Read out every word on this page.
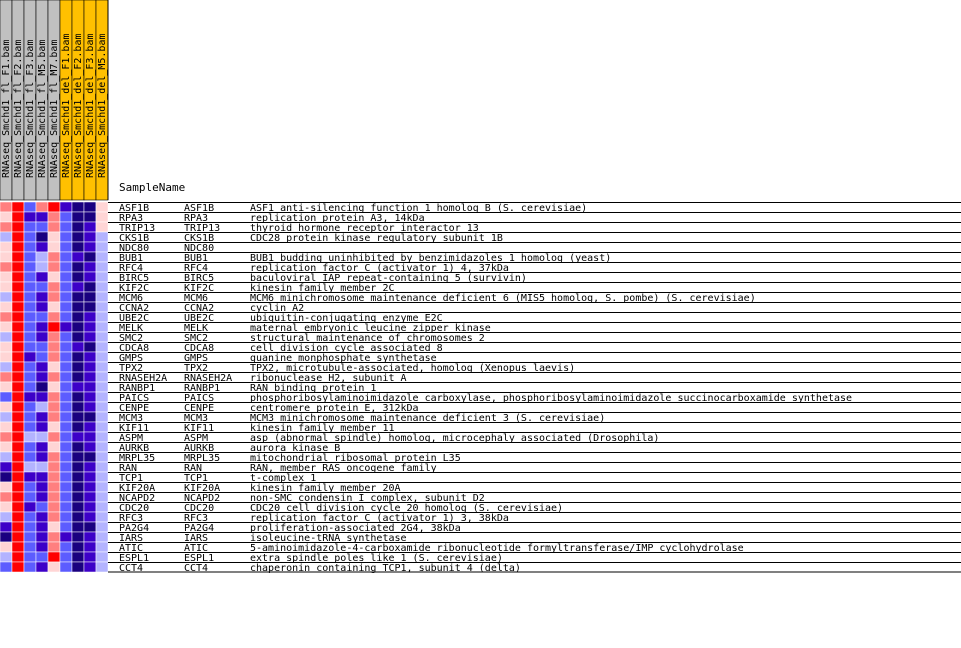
RNAseq_Smchd1_fl_F1.bam RNAseq_Smchd1_fl_F2.bam RNAseq_Smchd1_fl_F3.bam RNAseq_Smchd1_fl_M5.bam RNAseq_Smchd1_fl_M7.bam RNAseq_Smchd1_del_F1.bam RNAseq_Smchd1_del_F2.bam RNAseq_Smchd1_del_F3.bam RNAseq_Smchd1_del_M5.bam
SampleName
ASF1B	ASF1B	ASF1 anti-silencing function 1 homolog B (S. cerevisiae)
RPA3	RPA3	replication protein A3, 14kDa
TRIP13	TRIP13	thyroid hormone receptor interactor 13
CKS1B	CKS1B	CDC28 protein kinase regulatory subunit 1B
NDC80	NDC80
BUB1	BUB1	BUB1 budding uninhibited by benzimidazoles 1 homolog (yeast)
RFC4	RFC4	replication factor C (activator 1) 4, 37kDa
BIRC5	BIRC5	baculoviral IAP repeat-containing 5 (survivin)
KIF2C	KIF2C	kinesin family member 2C
MCM6	MCM6	MCM6 minichromosome maintenance deficient 6 (MIS5 homolog, S. pombe) (S. cerevisiae)
CCNA2	CCNA2	cyclin A2
UBE2C	UBE2C	ubiquitin-conjugating enzyme E2C
MELK	MELK	maternal embryonic leucine zipper kinase
SMC2	SMC2	structural maintenance of chromosomes 2
CDCA8	CDCA8	cell division cycle associated 8
GMPS	GMPS	guanine monphosphate synthetase
TPX2	TPX2	TPX2, microtubule-associated, homolog (Xenopus laevis)
RNASEH2A RNASEH2A ribonuclease H2, subunit A
RANBP1	RANBP1	RAN binding protein 1
PAICS	PAICS	phosphoribosylaminoimidazole carboxylase, phosphoribosylaminoimidazole succinocarboxamide synthetase
CENPE	CENPE	centromere protein E, 312kDa
MCM3	MCM3	MCM3 minichromosome maintenance deficient 3 (S. cerevisiae)
KIF11	KIF11	kinesin family member 11
ASPM	ASPM	asp (abnormal spindle) homolog, microcephaly associated (Drosophila)
AURKB	AURKB	aurora kinase B
MRPL35	MRPL35	mitochondrial ribosomal protein L35
RAN	RAN	RAN, member RAS oncogene family
TCP1	TCP1	t-complex 1
KIF20A	KIF20A	kinesin family member 20A
NCAPD2	NCAPD2	non-SMC condensin I complex, subunit D2
CDC20	CDC20	CDC20 cell division cycle 20 homolog (S. cerevisiae)
RFC3	RFC3	replication factor C (activator 1) 3, 38kDa
PA2G4	PA2G4	proliferation-associated 2G4, 38kDa
IARS	IARS	isoleucine-tRNA synthetase
ATIC	ATIC	5-aminoimidazole-4-carboxamide ribonucleotide formyltransferase/IMP cyclohydrolase
ESPL1	ESPL1	extra spindle poles like 1 (S. cerevisiae)
CCT4	CCT4	chaperonin containing TCP1, subunit 4 (delta)
